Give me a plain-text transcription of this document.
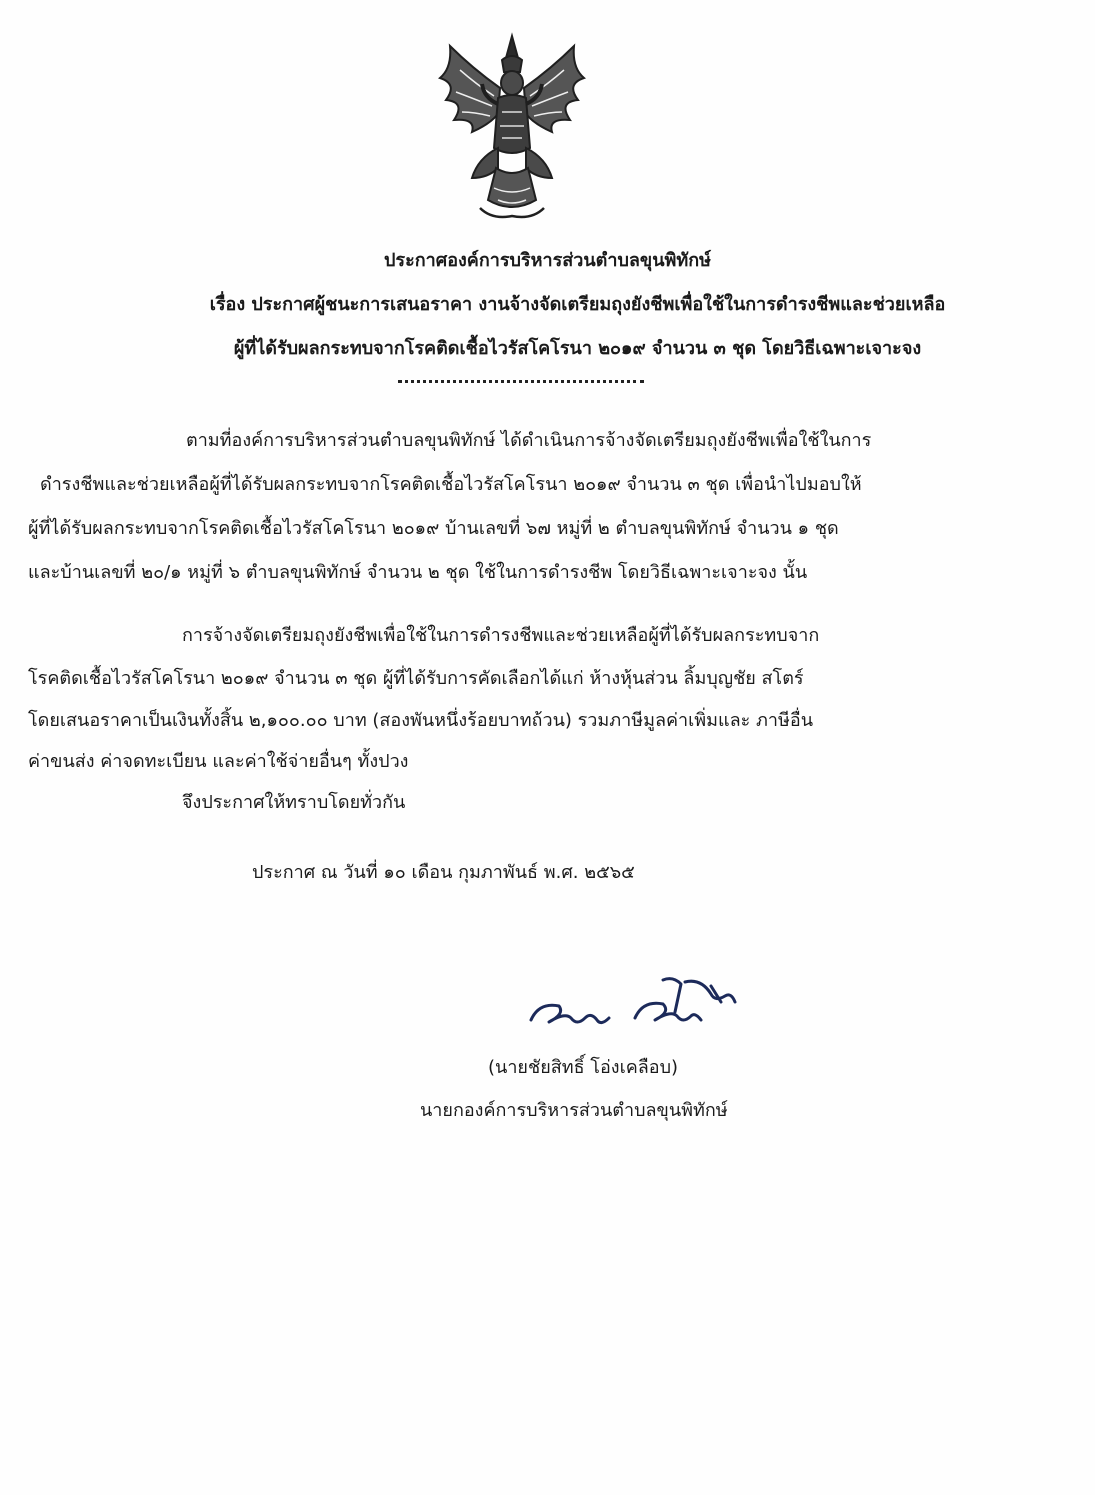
ประกาศองค์การบริหารส่วนตำบลขุนพิทักษ์
เรื่อง ประกาศผู้ชนะการเสนอราคา งานจ้างจัดเตรียมถุงยังชีพเพื่อใช้ในการดำรงชีพและช่วยเหลือ
ผู้ที่ได้รับผลกระทบจากโรคติดเชื้อไวรัสโคโรนา ๒๐๑๙ จำนวน ๓ ชุด โดยวิธีเฉพาะเจาะจง
ตามที่องค์การบริหารส่วนตำบลขุนพิทักษ์ ได้ดำเนินการจ้างจัดเตรียมถุงยังชีพเพื่อใช้ในการ
ดำรงชีพและช่วยเหลือผู้ที่ได้รับผลกระทบจากโรคติดเชื้อไวรัสโคโรนา ๒๐๑๙ จำนวน ๓ ชุด เพื่อนำไปมอบให้
ผู้ที่ได้รับผลกระทบจากโรคติดเชื้อไวรัสโคโรนา ๒๐๑๙ บ้านเลขที่ ๖๗ หมู่ที่ ๒ ตำบลขุนพิทักษ์ จำนวน ๑ ชุด
และบ้านเลขที่ ๒๐/๑ หมู่ที่ ๖ ตำบลขุนพิทักษ์ จำนวน ๒ ชุด ใช้ในการดำรงชีพ โดยวิธีเฉพาะเจาะจง นั้น
การจ้างจัดเตรียมถุงยังชีพเพื่อใช้ในการดำรงชีพและช่วยเหลือผู้ที่ได้รับผลกระทบจาก
โรคติดเชื้อไวรัสโคโรนา ๒๐๑๙ จำนวน ๓ ชุด ผู้ที่ได้รับการคัดเลือกได้แก่ ห้างหุ้นส่วน ลิ้มบุญชัย สโตร์
โดยเสนอราคาเป็นเงินทั้งสิ้น ๒,๑๐๐.๐๐ บาท (สองพันหนึ่งร้อยบาทถ้วน) รวมภาษีมูลค่าเพิ่มและ ภาษีอื่น
ค่าขนส่ง ค่าจดทะเบียน และค่าใช้จ่ายอื่นๆ ทั้งปวง
จึงประกาศให้ทราบโดยทั่วกัน
ประกาศ ณ วันที่ ๑๐ เดือน กุมภาพันธ์ พ.ศ. ๒๕๖๕
(นายชัยสิทธิ์ โอ่งเคลือบ)
นายกองค์การบริหารส่วนตำบลขุนพิทักษ์
